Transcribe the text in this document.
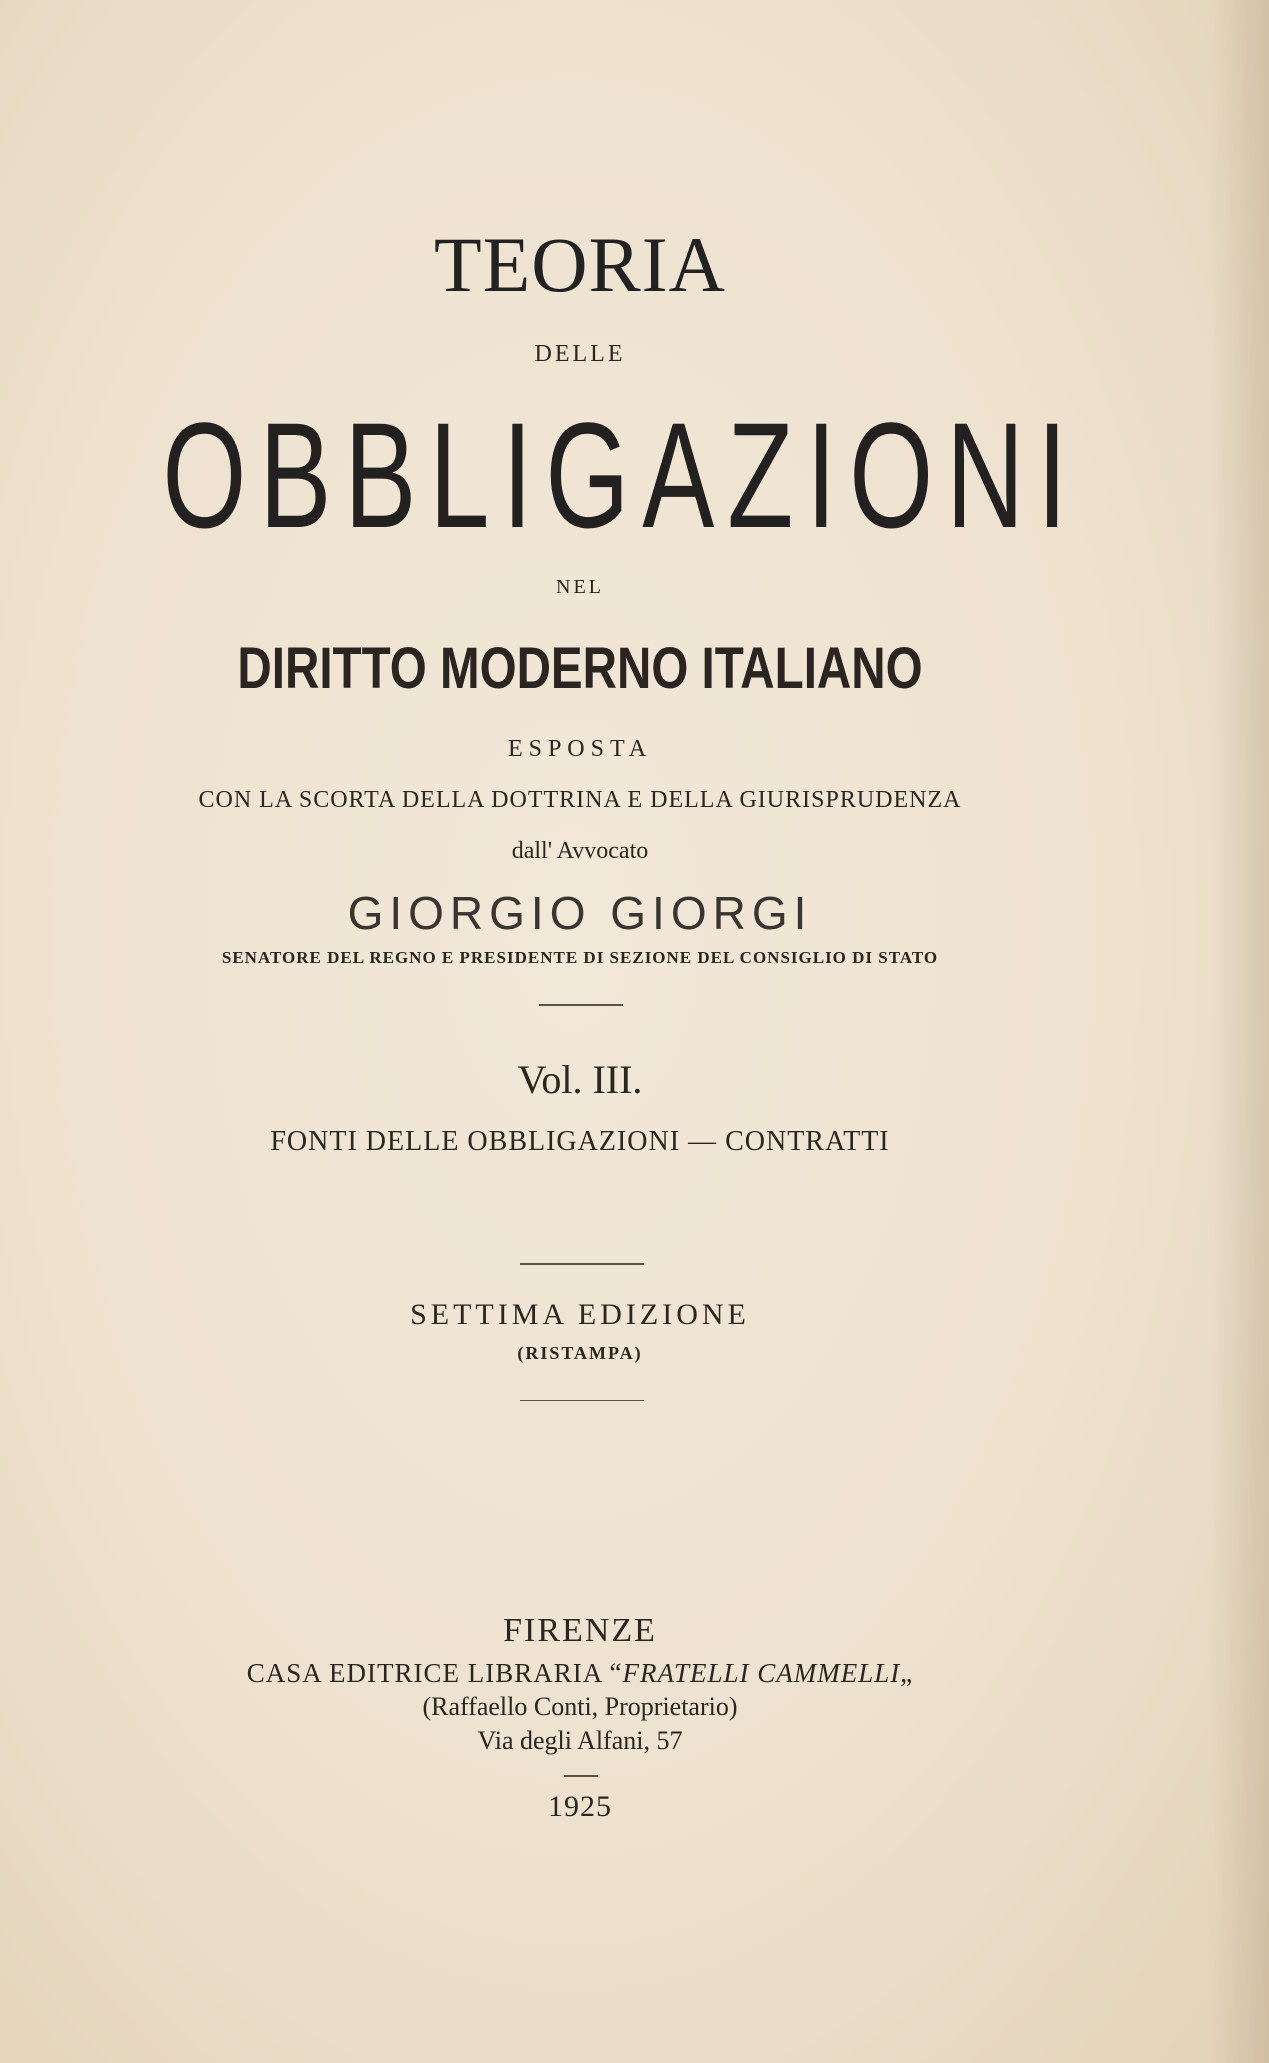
TEORIA
DELLE
OBBLIGAZIONI
NEL
DIRITTO MODERNO ITALIANO
ESPOSTA
CON LA SCORTA DELLA DOTTRINA E DELLA GIURISPRUDENZA
dall' Avvocato
GIORGIO GIORGI
SENATORE DEL REGNO E PRESIDENTE DI SEZIONE DEL CONSIGLIO DI STATO
Vol. III.
FONTI DELLE OBBLIGAZIONI — CONTRATTI
SETTIMA EDIZIONE
(RISTAMPA)
FIRENZE
CASA EDITRICE LIBRARIA “FRATELLI CAMMELLI„
(Raffaello Conti, Proprietario)
Via degli Alfani, 57
1925
